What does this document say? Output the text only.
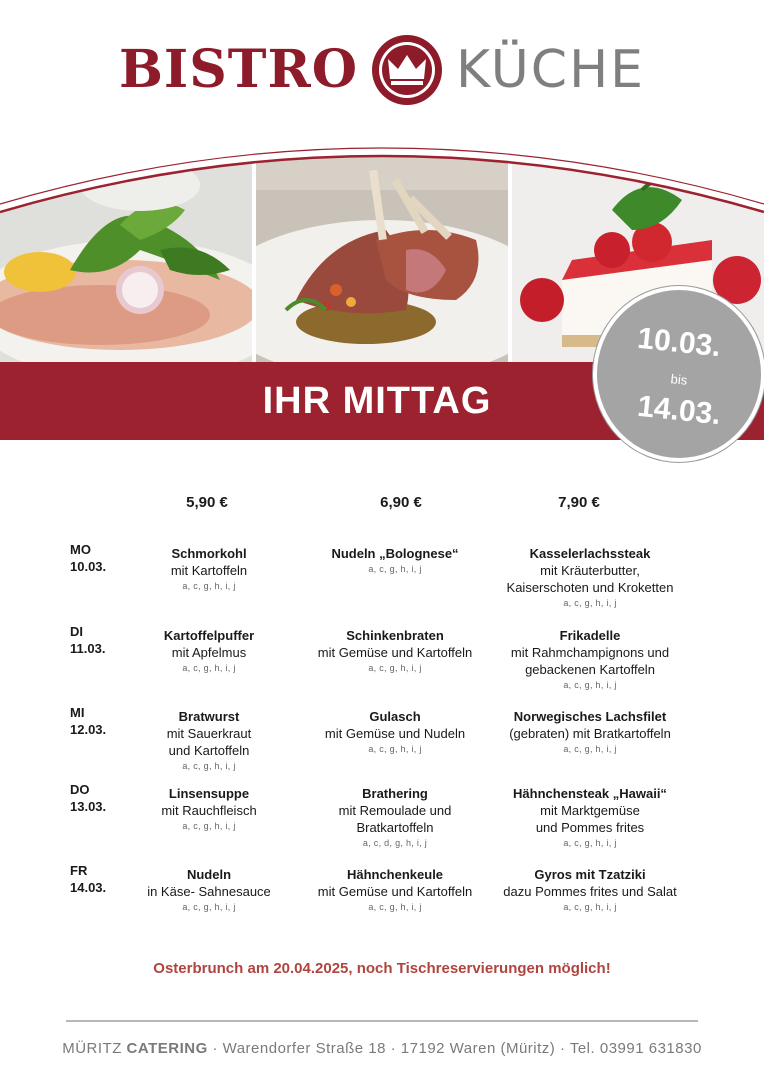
BISTRO KÜCHE
IHR MITTAG
10.03.
bis
14.03.
5,90 €	6,90 €	7,90 €
MO
10.03.
Schmorkohl
mit Kartoffeln
a, c, g, h, i, j
Nudeln „Bolognese“
a, c, g, h, i, j
Kasselerlachssteak
mit Kräuterbutter,
Kaiserschoten und Kroketten
a, c, g, h, i, j
DI
11.03.
Kartoffelpuffer
mit Apfelmus
a, c, g, h, i, j
Schinkenbraten
mit Gemüse und Kartoffeln
a, c, g, h, i, j
Frikadelle
mit Rahmchampignons und
gebackenen Kartoffeln
a, c, g, h, i, j
MI
12.03.
Bratwurst
mit Sauerkraut
und Kartoffeln
a, c, g, h, i, j
Gulasch
mit Gemüse und Nudeln
a, c, g, h, i, j
Norwegisches Lachsfilet
(gebraten) mit Bratkartoffeln
a, c, g, h, i, j
DO
13.03.
Linsensuppe
mit Rauchfleisch
a, c, g, h, i, j
Brathering
mit Remoulade und
Bratkartoffeln
a, c, d, g, h, i, j
Hähnchensteak „Hawaii“
mit Marktgemüse
und Pommes frites
a, c, g, h, i, j
FR
14.03.
Nudeln
in Käse- Sahnesauce
a, c, g, h, i, j
Hähnchenkeule
mit Gemüse und Kartoffeln
a, c, g, h, i, j
Gyros mit Tzatziki
dazu Pommes frites und Salat
a, c, g, h, i, j
Osterbrunch am 20.04.2025, noch Tischreservierungen möglich!
MÜRITZ CATERING · Warendorfer Straße 18 · 17192 Waren (Müritz) · Tel. 03991 631830
